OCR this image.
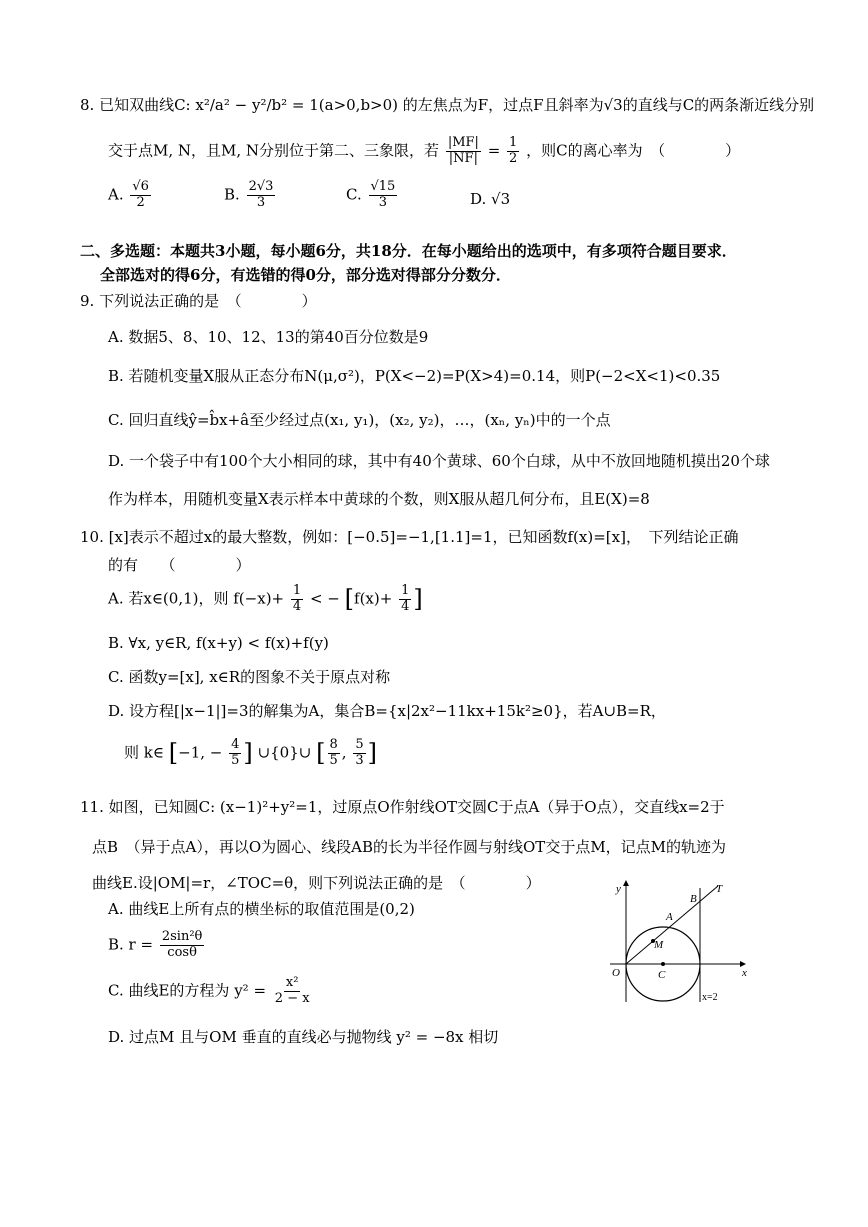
8. 已知双曲线C: x²/a² − y²/b² = 1(a>0,b>0) 的左焦点为F，过点F且斜率为√3的直线与C的两条渐近线分别
交于点M, N，且M, N分别位于第二、三象限，若 $\frac{|MF|}{|NF|} = \frac{1}{2}$ ，则C的离心率为　（　　　　）
A. $\frac{√6}{2}$	B. $\frac{2√3}{3}$	C. $\frac{√15}{3}$	D. √3
二、多选题：本题共3小题，每小题6分，共18分．在每小题给出的选项中，有多项符合题目要求．
全部选对的得6分，有选错的得0分，部分选对得部分分数分．
9. 下列说法正确的是　（　　　　）
A. 数据5、8、10、12、13的第40百分位数是9
B. 若随机变量X服从正态分布N(μ,σ²)，P(X<−2)=P(X>4)=0.14，则P(−2<X<1)<0.35
C. 回归直线ŷ=b̂x+â至少经过点(x₁, y₁)，(x₂, y₂)，…，(xₙ, yₙ)中的一个点
D. 一个袋子中有100个大小相同的球，其中有40个黄球、60个白球，从中不放回地随机摸出20个球
作为样本，用随机变量X表示样本中黄球的个数，则X服从超几何分布，且E(X)=8
10. [x]表示不超过x的最大整数，例如：[−0.5]=−1,[1.1]=1，已知函数f(x)=[x]，　下列结论正确
的有　　（　　　　）
A. 若x∈(0,1)，则 $f(-x)+ \frac{1}{4}$ < − [$f(x)+ \frac{1}{4}$ ]
B. ∀x, y∈R, f(x+y) < f(x)+f(y)
C. 函数y=[x], x∈R的图象不关于原点对称
D. 设方程[|x−1|]=3的解集为A，集合B={x|2x²−11kx+15k²≥0}，若A∪B=R，
则 k∈ [−1, − $\frac{4}{5}$ ] ∪{0}∪ [ $\frac{8}{5}$ , $\frac{5}{3}$ ]
11. 如图，已知圆C: (x−1)²+y²=1，过原点O作射线OT交圆C于点A（异于O点），交直线x=2于
点B　（异于点A），再以O为圆心、线段AB的长为半径作圆与射线OT交于点M，记点M的轨迹为
曲线E.设|OM|=r，∠TOC=θ，则下列说法正确的是　（　　　　）
A. 曲线E上所有点的横坐标的取值范围是(0,2)
B. $r = \frac{\text{2sin²θ}}{\cos\theta}$
C. 曲线E的方程为 $y^2 = \frac{\text{x²}}{2 - x}$
D. 过点M 且与OM 垂直的直线必与抛物线 y² = −8x 相切
y
x
O	C
A
B
M
T
x=2
